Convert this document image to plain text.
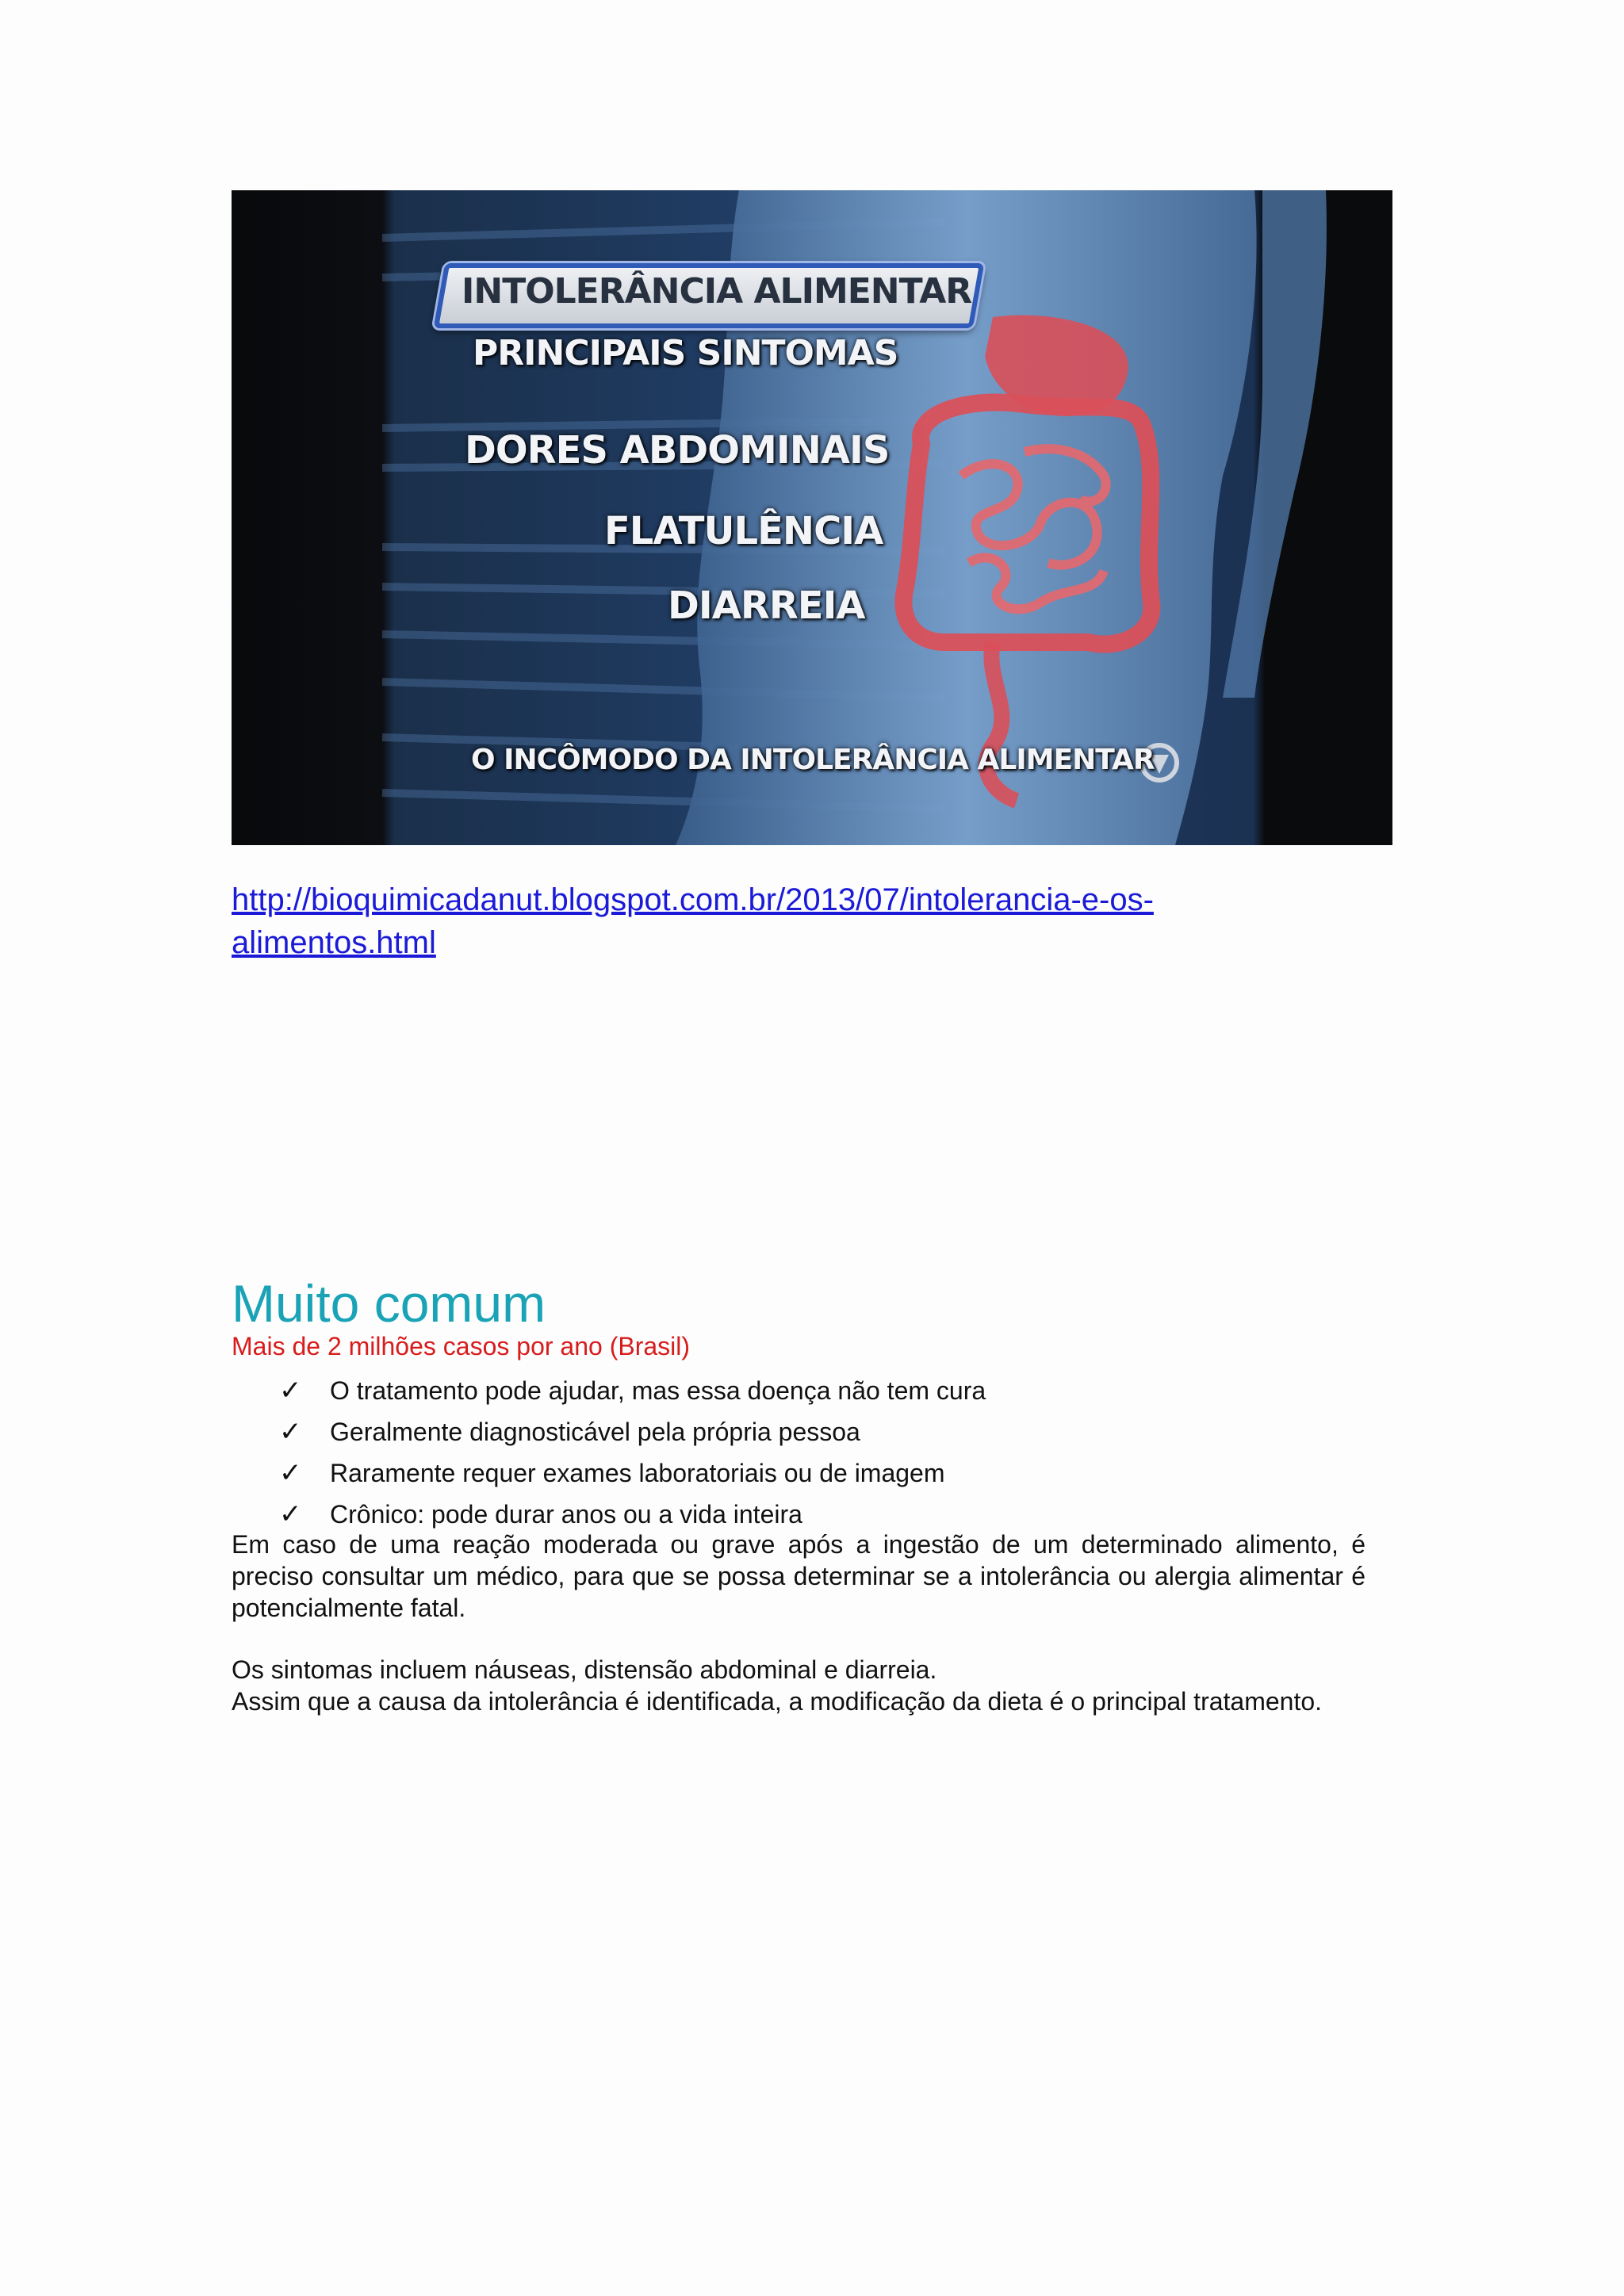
INTOLERÂNCIA ALIMENTAR
PRINCIPAIS SINTOMAS
DORES ABDOMINAIS
FLATULÊNCIA
DIARREIA
O INCÔMODO DA INTOLERÂNCIA ALIMENTAR
http://bioquimicadanut.blogspot.com.br/2013/07/intolerancia-e-os-
alimentos.html
Muito comum
Mais de 2 milhões casos por ano (Brasil)
✓ O tratamento pode ajudar, mas essa doença não tem cura
✓ Geralmente diagnosticável pela própria pessoa
✓ Raramente requer exames laboratoriais ou de imagem
✓ Crônico: pode durar anos ou a vida inteira

Em caso de uma reação moderada ou grave após a ingestão de um determinado alimento, é preciso consultar um médico, para que se possa determinar se a intolerância ou alergia alimentar é potencialmente fatal.

Os sintomas incluem náuseas, distensão abdominal e diarreia.

Assim que a causa da intolerância é identificada, a modificação da dieta é o principal tratamento.
